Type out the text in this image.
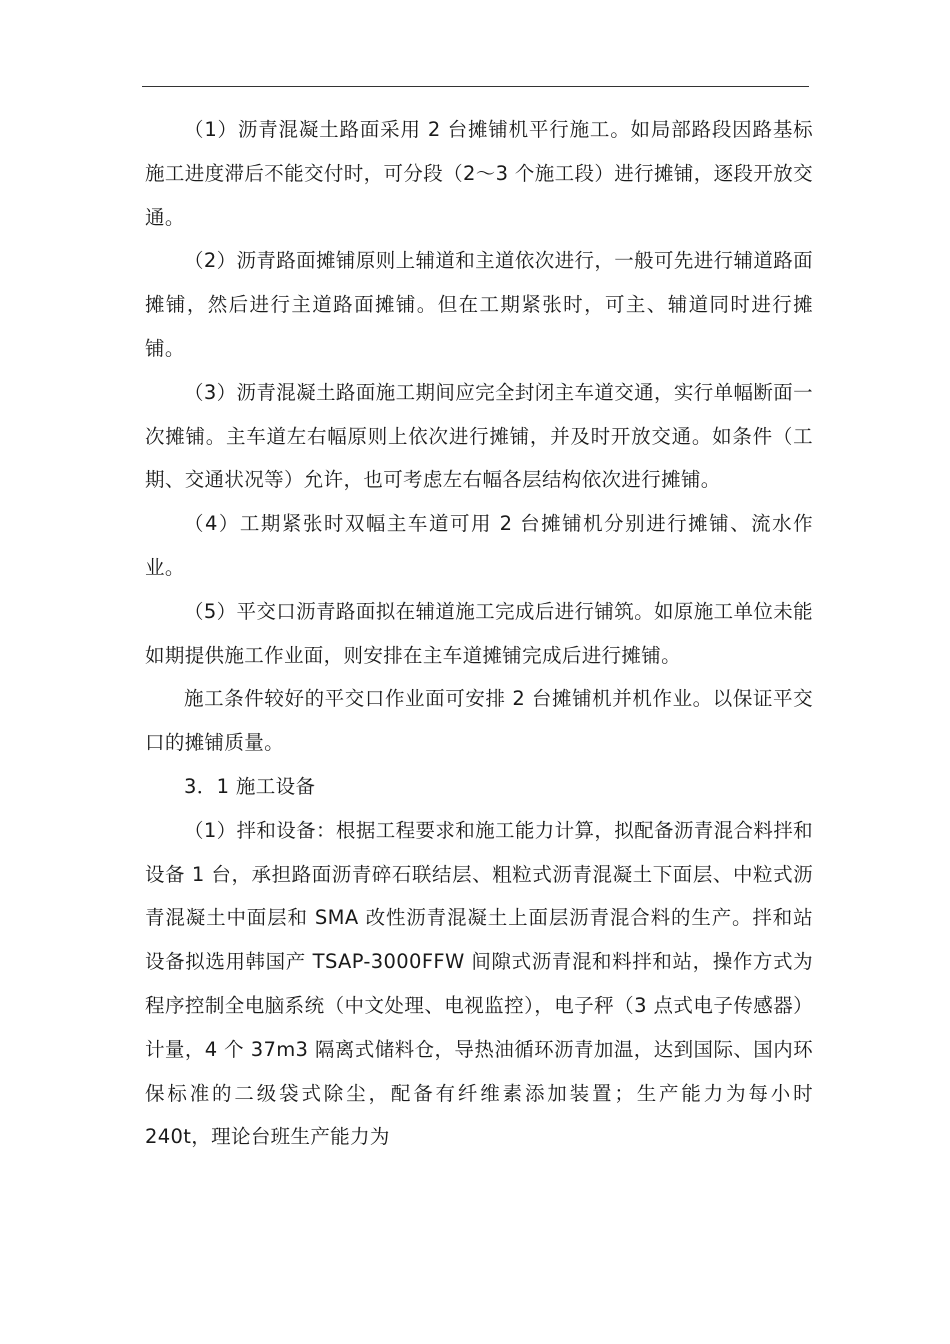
（1）沥青混凝土路面采用 2 台摊铺机平行施工。如局部路段因路基标施工进度滞后不能交付时，可分段（2～3 个施工段）进行摊铺，逐段开放交通。

（2）沥青路面摊铺原则上辅道和主道依次进行，一般可先进行辅道路面摊铺，然后进行主道路面摊铺。但在工期紧张时，可主、辅道同时进行摊铺。

（3）沥青混凝土路面施工期间应完全封闭主车道交通，实行单幅断面一次摊铺。主车道左右幅原则上依次进行摊铺，并及时开放交通。如条件（工期、交通状况等）允许，也可考虑左右幅各层结构依次进行摊铺。

（4）工期紧张时双幅主车道可用 2 台摊铺机分别进行摊铺、流水作业。

（5）平交口沥青路面拟在辅道施工完成后进行铺筑。如原施工单位未能如期提供施工作业面，则安排在主车道摊铺完成后进行摊铺。

施工条件较好的平交口作业面可安排 2 台摊铺机并机作业。以保证平交口的摊铺质量。

3．1 施工设备

（1）拌和设备：根据工程要求和施工能力计算，拟配备沥青混合料拌和设备 1 台，承担路面沥青碎石联结层、粗粒式沥青混凝土下面层、中粒式沥青混凝土中面层和 SMA 改性沥青混凝土上面层沥青混合料的生产。拌和站设备拟选用韩国产 TSAP-3000FFW 间隙式沥青混和料拌和站，操作方式为程序控制全电脑系统（中文处理、电视监控），电子秤（3 点式电子传感器）计量，4 个 37m3 隔离式储料仓，导热油循环沥青加温，达到国际、国内环保标准的二级袋式除尘，配备有纤维素添加装置；生产能力为每小时 240t，理论台班生产能力为
